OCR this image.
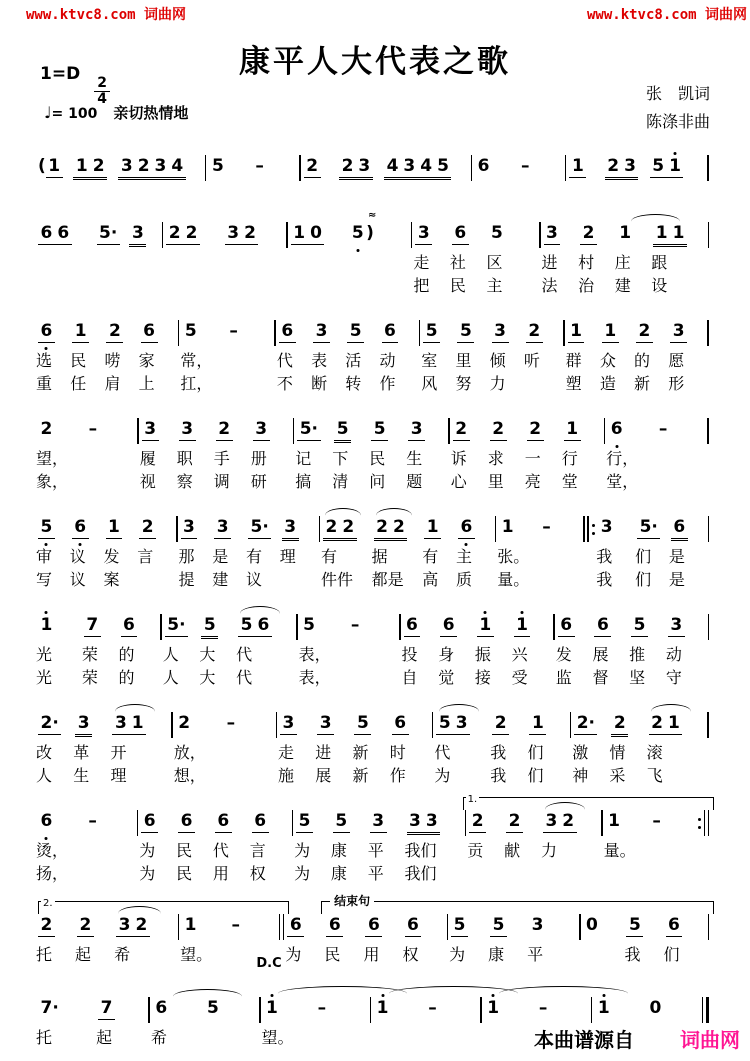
www.ktvc8.com 词曲网	www.ktvc8.com 词曲网
康平人大代表之歌
1=D
$\frac{2}{4}$
♩= 100 亲切热情地
张　凯词
陈涤非曲
( 1 1 2 3 2 3 4 5 – 2 2 3 4 3 4 5 6 – 1 2 3 5 1
6 6 5· 3 2 2 3 2 1 0
≈
5 )	3
走
把
6
社
民
5
区
主
3
进
法
2
村
治
1
庄
建
1 1
跟
设
6
选
重
1
民
任
2
唠
肩
6
家
上
5
常，
扛，
–	6
代
不
3
表
断
5
活
转
6
动
作
5
室
风
5
里
努
3
倾
力
2
听
1
群
塑
1
众
造
2
的
新
3
愿
形
2
望，
象，
–	3
履
视
3
职
察
2
手
调
3
册
研
5·
记
搞
5
下
清
5
民
问
3
生
题
2
诉
心
2
求
里
2
一
亮
1
行
堂
6
行，
堂，
–
5
审
写
6
议
议
1
发
案
2
言
3
那
提
3
是
建
5·
有
议
3
理
2 2
有
件件
2 2
据
都是
1
有
高
6
主
质
1
张。
量。
–	3
我
我
5·
们
们
6
是
是
1
光
光
7
荣
荣
6
的
的
5·
人
人
5
大
大
5 6
代
代
5
表，
表，
–	6
投
自
6
身
觉
1
振
接
1
兴
受
6
发
监
6
展
督
5
推
坚
3
动
守
2·
改
人
3
革
生
3 1
开
理
2
放，
想，
–	3
走
施
3
进
展
5
新
新
6
时
作
5 3
代
为
2
我
我
1
们
们
2·
激
神
2
情
采
2 1
滚
飞
1.
6
烫，
扬，
–	6
为
为
6
民
民
6
代
用
6
言
权
5
为
为
5
康
康
3
平
平
3 3
我们
我们
2
贡
2
献
3 2
力
1
量。
–
2.	结束句
2
托
2
起
3 2
希
1
望。
–
D.C
6
为
6
民
6
用
6
权
5
为
5
康
3
平
0 5
我
6
们
7·
托
7
起
6
希
5	1
望。
–	1 –	1 –	1 0
本曲谱源自 词曲网
